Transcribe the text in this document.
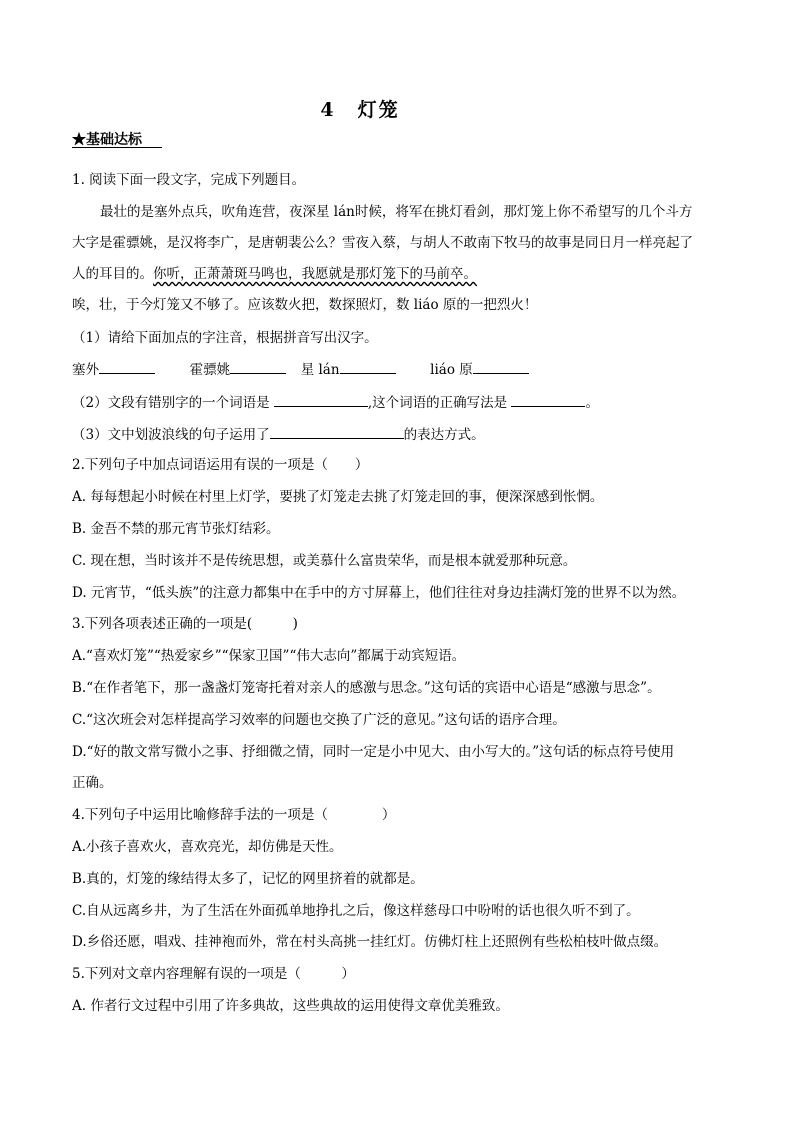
4 灯笼
★基础达标
1. 阅读下面一段文字，完成下列题目。
最壮的是塞外点兵，吹角连营，夜深星 lán时候，将军在挑灯看剑，那灯笼上你不希望写的几个斗方
大字是霍骠姚，是汉将李广，是唐朝裴公么？雪夜入蔡，与胡人不敢南下牧马的故事是同日月一样亮起了
人的耳目的。你听，正萧萧斑马鸣也，我愿就是那灯笼下的马前卒。
唉，壮，于今灯笼又不够了。应该数火把，数探照灯，数 liáo 原的一把烈火！
（1）请给下面加点的字注音，根据拼音写出汉字。
塞外	霍骠姚	星 lán	liáo 原
（2）文段有错别字的一个词语是	,这个词语的正确写法是	。
（3）文中划波浪线的句子运用了	的表达方式。
2.下列句子中加点词语运用有误的一项是（　　）
A. 每每想起小时候在村里上灯学，要挑了灯笼走去挑了灯笼走回的事，便深深感到怅惘。
B. 金吾不禁的那元宵节张灯结彩。
C. 现在想，当时该并不是传统思想，或美慕什么富贵荣华，而是根本就爱那种玩意。
D. 元宵节，“低头族”的注意力都集中在手中的方寸屏幕上，他们往往对身边挂满灯笼的世界不以为然。
3.下列各项表述正确的一项是(　　　)
A.“喜欢灯笼”“热爱家乡”“保家卫国”“伟大志向”都属于动宾短语。
B.“在作者笔下，那一盏盏灯笼寄托着对亲人的感激与思念。”这句话的宾语中心语是“感激与思念”。
C.“这次班会对怎样提高学习效率的问题也交换了广泛的意见。”这句话的语序合理。
D.“好的散文常写微小之事、抒细微之情，同时一定是小中见大、由小写大的。”这句话的标点符号使用
正确。
4.下列句子中运用比喻修辞手法的一项是（　　　　）
A.小孩子喜欢火，喜欢亮光，却仿佛是天性。
B.真的，灯笼的缘结得太多了，记忆的网里挤着的就都是。
C.自从远离乡井，为了生活在外面孤单地挣扎之后，像这样慈母口中吩咐的话也很久听不到了。
D.乡俗还愿，唱戏、挂神袍而外，常在村头高挑一挂红灯。仿佛灯柱上还照例有些松柏枝叶做点缀。
5.下列对文章内容理解有误的一项是（　　　）
A. 作者行文过程中引用了许多典故，这些典故的运用使得文章优美雅致。
